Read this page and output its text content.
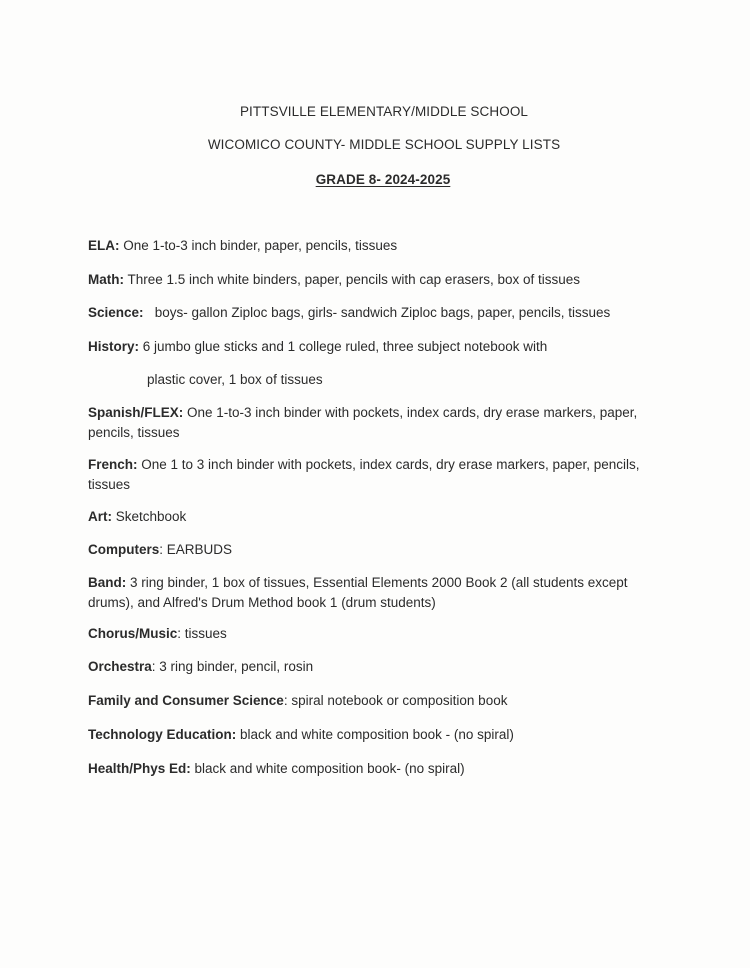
PITTSVILLE ELEMENTARY/MIDDLE SCHOOL
WICOMICO COUNTY- MIDDLE SCHOOL SUPPLY LISTS
GRADE 8- 2024-2025
ELA: One 1-to-3 inch binder, paper, pencils, tissues
Math: Three 1.5 inch white binders, paper, pencils with cap erasers, box of tissues
Science:   boys- gallon Ziploc bags, girls- sandwich Ziploc bags, paper, pencils, tissues
History: 6 jumbo glue sticks and 1 college ruled, three subject notebook with
plastic cover, 1 box of tissues
Spanish/FLEX: One 1-to-3 inch binder with pockets, index cards, dry erase markers, paper, pencils, tissues
French: One 1 to 3 inch binder with pockets, index cards, dry erase markers, paper, pencils, tissues
Art: Sketchbook
Computers: EARBUDS
Band: 3 ring binder, 1 box of tissues, Essential Elements 2000 Book 2 (all students except drums), and Alfred's Drum Method book 1 (drum students)
Chorus/Music: tissues
Orchestra: 3 ring binder, pencil, rosin
Family and Consumer Science: spiral notebook or composition book
Technology Education: black and white composition book - (no spiral)
Health/Phys Ed: black and white composition book- (no spiral)
